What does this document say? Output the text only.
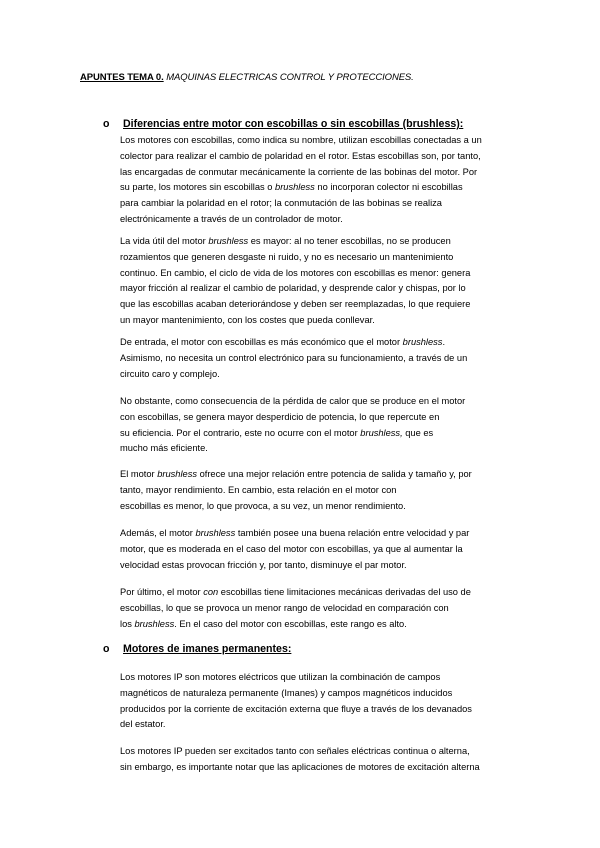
APUNTES TEMA 0. MAQUINAS ELECTRICAS CONTROL Y PROTECCIONES.
o Diferencias entre motor con escobillas o sin escobillas (brushless):
Los motores con escobillas, como indica su nombre, utilizan escobillas conectadas a un
colector para realizar el cambio de polaridad en el rotor. Estas escobillas son, por tanto,
las encargadas de conmutar mecánicamente la corriente de las bobinas del motor. Por
su parte, los motores sin escobillas o brushless no incorporan colector ni escobillas
para cambiar la polaridad en el rotor; la conmutación de las bobinas se realiza
electrónicamente a través de un controlador de motor.
La vida útil del motor brushless es mayor: al no tener escobillas, no se producen
rozamientos que generen desgaste ni ruido, y no es necesario un mantenimiento
continuo. En cambio, el ciclo de vida de los motores con escobillas es menor: genera
mayor fricción al realizar el cambio de polaridad, y desprende calor y chispas, por lo
que las escobillas acaban deteriorándose y deben ser reemplazadas, lo que requiere
un mayor mantenimiento, con los costes que pueda conllevar.
De entrada, el motor con escobillas es más económico que el motor brushless.
Asimismo, no necesita un control electrónico para su funcionamiento, a través de un
circuito caro y complejo.
No obstante, como consecuencia de la pérdida de calor que se produce en el motor
con escobillas, se genera mayor desperdicio de potencia, lo que repercute en
su eficiencia. Por el contrario, este no ocurre con el motor brushless, que es
mucho más eficiente.
El motor brushless ofrece una mejor relación entre potencia de salida y tamaño y, por
tanto, mayor rendimiento. En cambio, esta relación en el motor con
escobillas es menor, lo que provoca, a su vez, un menor rendimiento.
Además, el motor brushless también posee una buena relación entre velocidad y par
motor, que es moderada en el caso del motor con escobillas, ya que al aumentar la
velocidad estas provocan fricción y, por tanto, disminuye el par motor.
Por último, el motor con escobillas tiene limitaciones mecánicas derivadas del uso de
escobillas, lo que se provoca un menor rango de velocidad en comparación con
los brushless. En el caso del motor con escobillas, este rango es alto.
o Motores de imanes permanentes:
Los motores IP son motores eléctricos que utilizan la combinación de campos
magnéticos de naturaleza permanente (Imanes) y campos magnéticos inducidos
producidos por la corriente de excitación externa que fluye a través de los devanados
del estator.
Los motores IP pueden ser excitados tanto con señales eléctricas continua o alterna,
sin embargo, es importante notar que las aplicaciones de motores de excitación alterna
